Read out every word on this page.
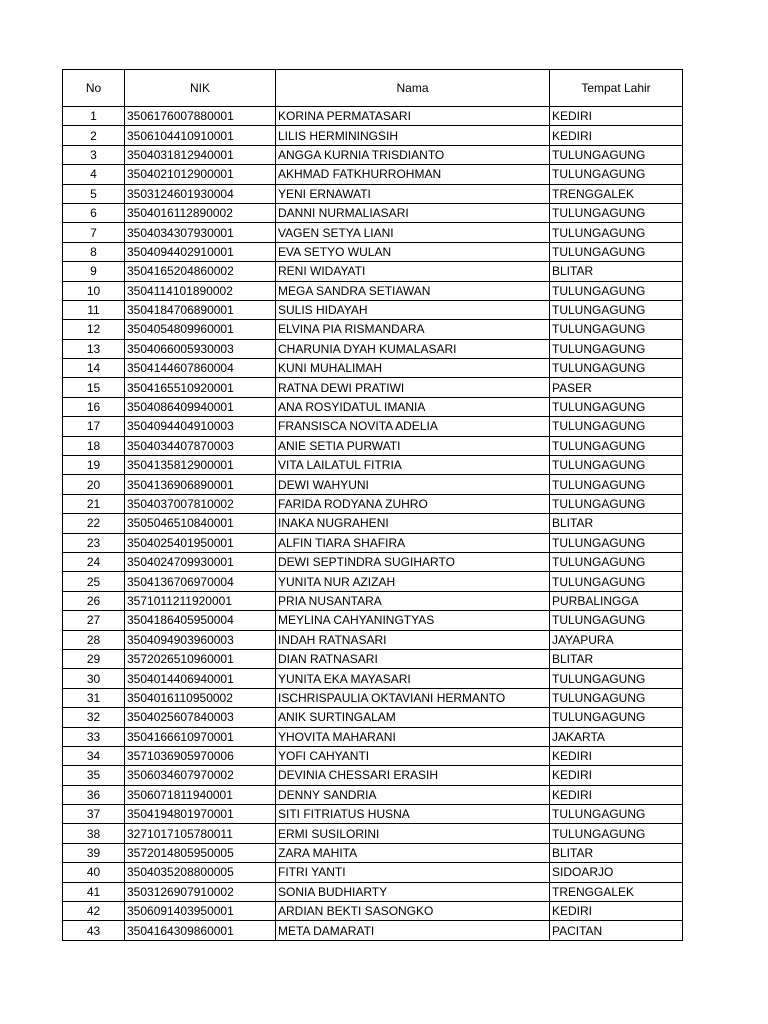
No	NIK	Nama	Tempat Lahir
1	3506176007880001	KORINA PERMATASARI	KEDIRI
2	3506104410910001	LILIS HERMININGSIH	KEDIRI
3	3504031812940001	ANGGA KURNIA TRISDIANTO	TULUNGAGUNG
4	3504021012900001	AKHMAD FATKHURROHMAN	TULUNGAGUNG
5	3503124601930004	YENI ERNAWATI	TRENGGALEK
6	3504016112890002	DANNI NURMALIASARI	TULUNGAGUNG
7	3504034307930001	VAGEN SETYA LIANI	TULUNGAGUNG
8	3504094402910001	EVA SETYO WULAN	TULUNGAGUNG
9	3504165204860002	RENI WIDAYATI	BLITAR
10	3504114101890002	MEGA SANDRA SETIAWAN	TULUNGAGUNG
11	3504184706890001	SULIS HIDAYAH	TULUNGAGUNG
12	3504054809960001	ELVINA PIA RISMANDARA	TULUNGAGUNG
13	3504066005930003	CHARUNIA DYAH KUMALASARI	TULUNGAGUNG
14	3504144607860004	KUNI MUHALIMAH	TULUNGAGUNG
15	3504165510920001	RATNA DEWI PRATIWI	PASER
16	3504086409940001	ANA ROSYIDATUL IMANIA	TULUNGAGUNG
17	3504094404910003	FRANSISCA NOVITA ADELIA	TULUNGAGUNG
18	3504034407870003	ANIE SETIA PURWATI	TULUNGAGUNG
19	3504135812900001	VITA LAILATUL FITRIA	TULUNGAGUNG
20	3504136906890001	DEWI WAHYUNI	TULUNGAGUNG
21	3504037007810002	FARIDA RODYANA ZUHRO	TULUNGAGUNG
22	3505046510840001	INAKA NUGRAHENI	BLITAR
23	3504025401950001	ALFIN TIARA SHAFIRA	TULUNGAGUNG
24	3504024709930001	DEWI SEPTINDRA SUGIHARTO	TULUNGAGUNG
25	3504136706970004	YUNITA NUR AZIZAH	TULUNGAGUNG
26	3571011211920001	PRIA NUSANTARA	PURBALINGGA
27	3504186405950004	MEYLINA CAHYANINGTYAS	TULUNGAGUNG
28	3504094903960003	INDAH RATNASARI	JAYAPURA
29	3572026510960001	DIAN RATNASARI	BLITAR
30	3504014406940001	YUNITA EKA MAYASARI	TULUNGAGUNG
31	3504016110950002	ISCHRISPAULIA OKTAVIANI HERMANTO	TULUNGAGUNG
32	3504025607840003	ANIK SURTINGALAM	TULUNGAGUNG
33	3504166610970001	YHOVITA MAHARANI	JAKARTA
34	3571036905970006	YOFI CAHYANTI	KEDIRI
35	3506034607970002	DEVINIA CHESSARI ERASIH	KEDIRI
36	3506071811940001	DENNY SANDRIA	KEDIRI
37	3504194801970001	SITI FITRIATUS HUSNA	TULUNGAGUNG
38	3271017105780011	ERMI SUSILORINI	TULUNGAGUNG
39	3572014805950005	ZARA MAHITA	BLITAR
40	3504035208800005	FITRI YANTI	SIDOARJO
41	3503126907910002	SONIA BUDHIARTY	TRENGGALEK
42	3506091403950001	ARDIAN BEKTI SASONGKO	KEDIRI
43	3504164309860001	META DAMARATI	PACITAN
